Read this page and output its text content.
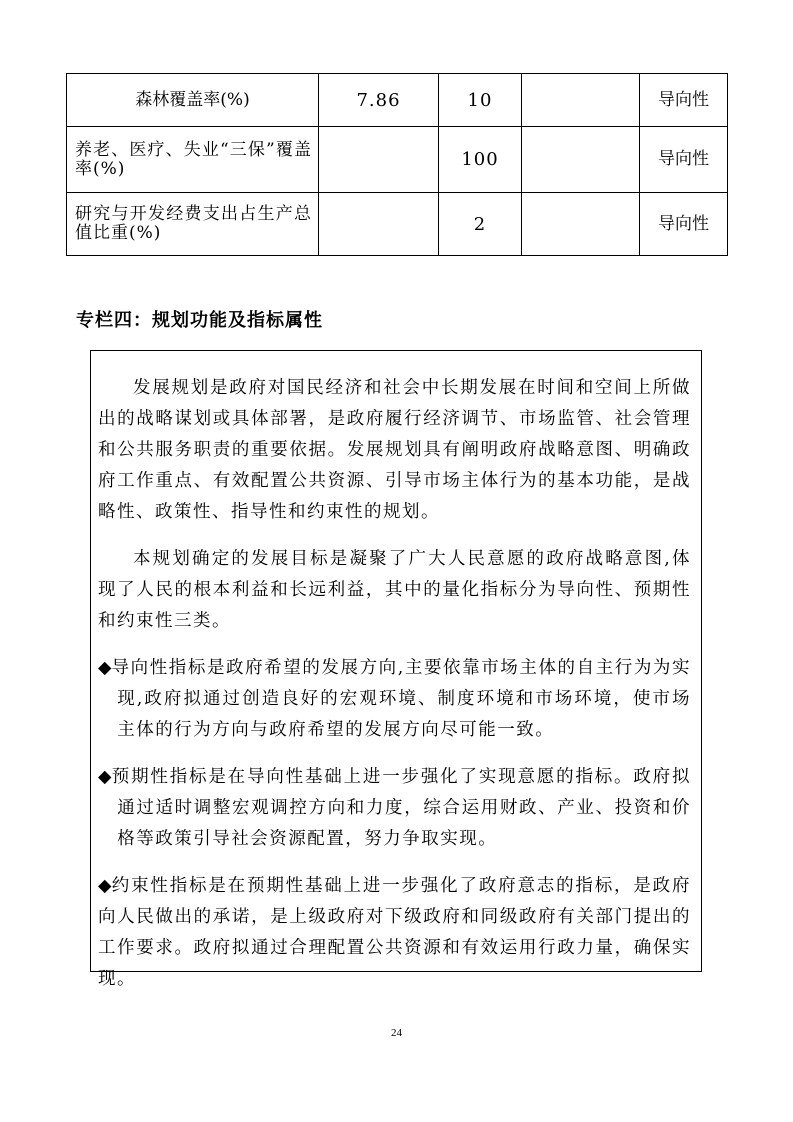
森林覆盖率(%)	7.86	10		导向性
养老、医疗、失业“三保”覆盖率(%)		100		导向性
研究与开发经费支出占生产总值比重(%)		2		导向性
专栏四：规划功能及指标属性

发展规划是政府对国民经济和社会中长期发展在时间和空间上所做出的战略谋划或具体部署，是政府履行经济调节、市场监管、社会管理和公共服务职责的重要依据。发展规划具有阐明政府战略意图、明确政府工作重点、有效配置公共资源、引导市场主体行为的基本功能，是战略性、政策性、指导性和约束性的规划。

本规划确定的发展目标是凝聚了广大人民意愿的政府战略意图,体现了人民的根本利益和长远利益，其中的量化指标分为导向性、预期性和约束性三类。

◆导向性指标是政府希望的发展方向,主要依靠市场主体的自主行为为实现,政府拟通过创造良好的宏观环境、制度环境和市场环境，使市场主体的行为方向与政府希望的发展方向尽可能一致。

◆预期性指标是在导向性基础上进一步强化了实现意愿的指标。政府拟通过适时调整宏观调控方向和力度，综合运用财政、产业、投资和价格等政策引导社会资源配置，努力争取实现。

◆约束性指标是在预期性基础上进一步强化了政府意志的指标，是政府向人民做出的承诺，是上级政府对下级政府和同级政府有关部门提出的工作要求。政府拟通过合理配置公共资源和有效运用行政力量，确保实现。

24
